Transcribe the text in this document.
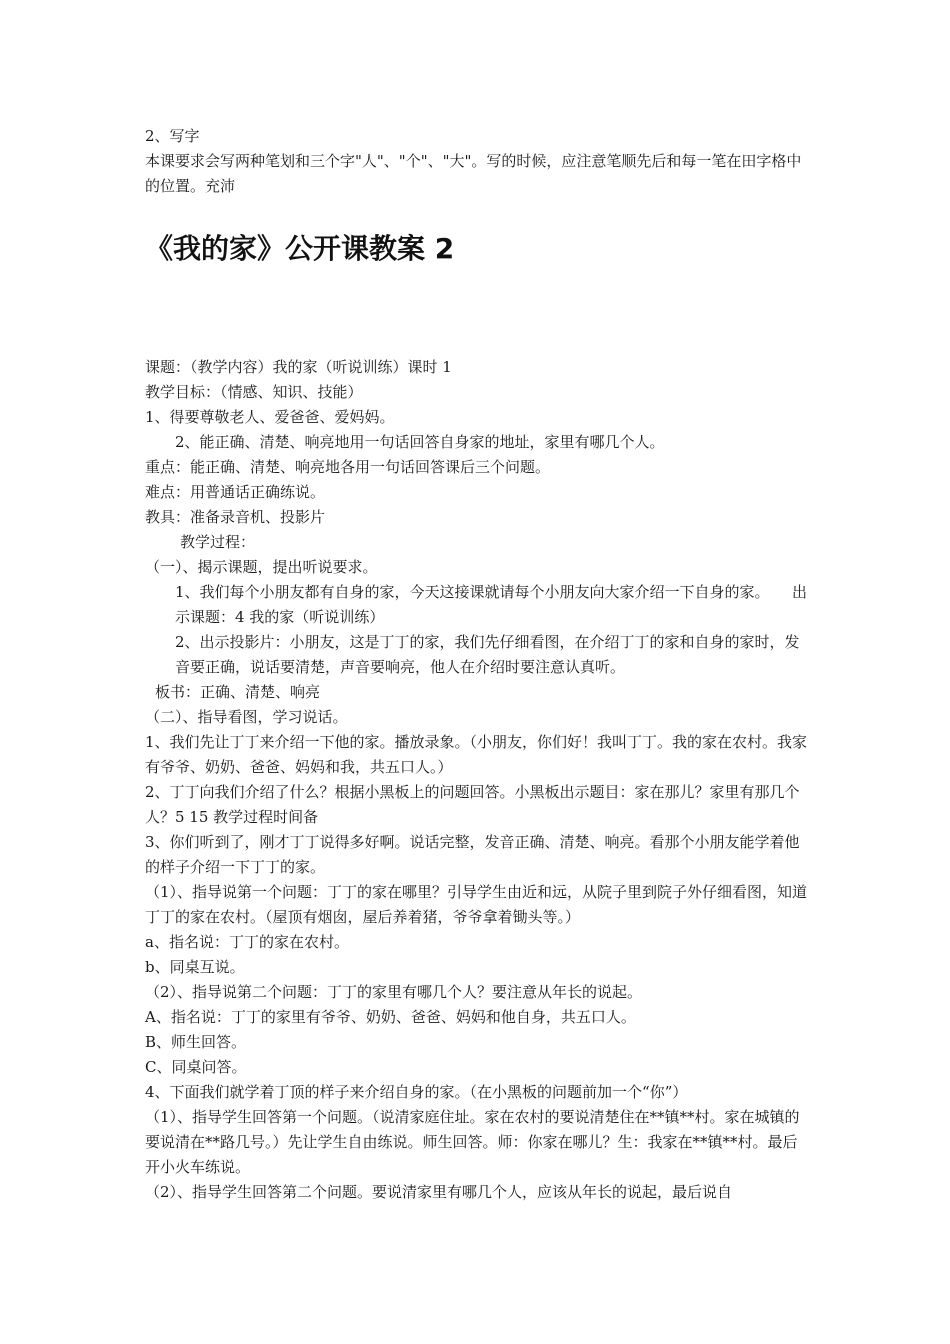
2、写字

本课要求会写两种笔划和三个字"人"、"个"、"大"。写的时候，应注意笔顺先后和每一笔在田字格中的位置。充沛

《我的家》公开课教案 2

课题：（教学内容）我的家（听说训练）课时 1

教学目标：（情感、知识、技能）

1、得要尊敬老人、爱爸爸、爱妈妈。

2、能正确、清楚、响亮地用一句话回答自身家的地址，家里有哪几个人。

重点：能正确、清楚、响亮地各用一句话回答课后三个问题。

难点：用普通话正确练说。

教具：准备录音机、投影片

教学过程：

（一）、揭示课题，提出听说要求。

1、我们每个小朋友都有自身的家，今天这接课就请每个小朋友向大家介绍一下自身的家。　　出示课题：4 我的家（听说训练）

2、出示投影片：小朋友，这是丁丁的家，我们先仔细看图，在介绍丁丁的家和自身的家时，发音要正确，说话要清楚，声音要响亮，他人在介绍时要注意认真听。

板书：正确、清楚、响亮

（二）、指导看图，学习说话。

1、我们先让丁丁来介绍一下他的家。播放录象。（小朋友，你们好！我叫丁丁。我的家在农村。我家有爷爷、奶奶、爸爸、妈妈和我，共五口人。）

2、丁丁向我们介绍了什么？根据小黑板上的问题回答。小黑板出示题目：家在那儿？家里有那几个人？5 15 教学过程时间备

3、你们听到了，刚才丁丁说得多好啊。说话完整，发音正确、清楚、响亮。看那个小朋友能学着他的样子介绍一下丁丁的家。

（1）、指导说第一个问题：丁丁的家在哪里？引导学生由近和远，从院子里到院子外仔细看图，知道丁丁的家在农村。（屋顶有烟囱，屋后养着猪，爷爷拿着锄头等。）

a、指名说：丁丁的家在农村。

b、同桌互说。

（2）、指导说第二个问题：丁丁的家里有哪几个人？要注意从年长的说起。

A、指名说：丁丁的家里有爷爷、奶奶、爸爸、妈妈和他自身，共五口人。

B、师生回答。

C、同桌问答。

4、下面我们就学着丁顶的样子来介绍自身的家。（在小黑板的问题前加一个“你”）

（1）、指导学生回答第一个问题。（说清家庭住址。家在农村的要说清楚住在**镇**村。家在城镇的要说清在**路几号。）先让学生自由练说。师生回答。师：你家在哪儿？生：我家在**镇**村。最后开小火车练说。

（2）、指导学生回答第二个问题。要说清家里有哪几个人，应该从年长的说起，最后说自
